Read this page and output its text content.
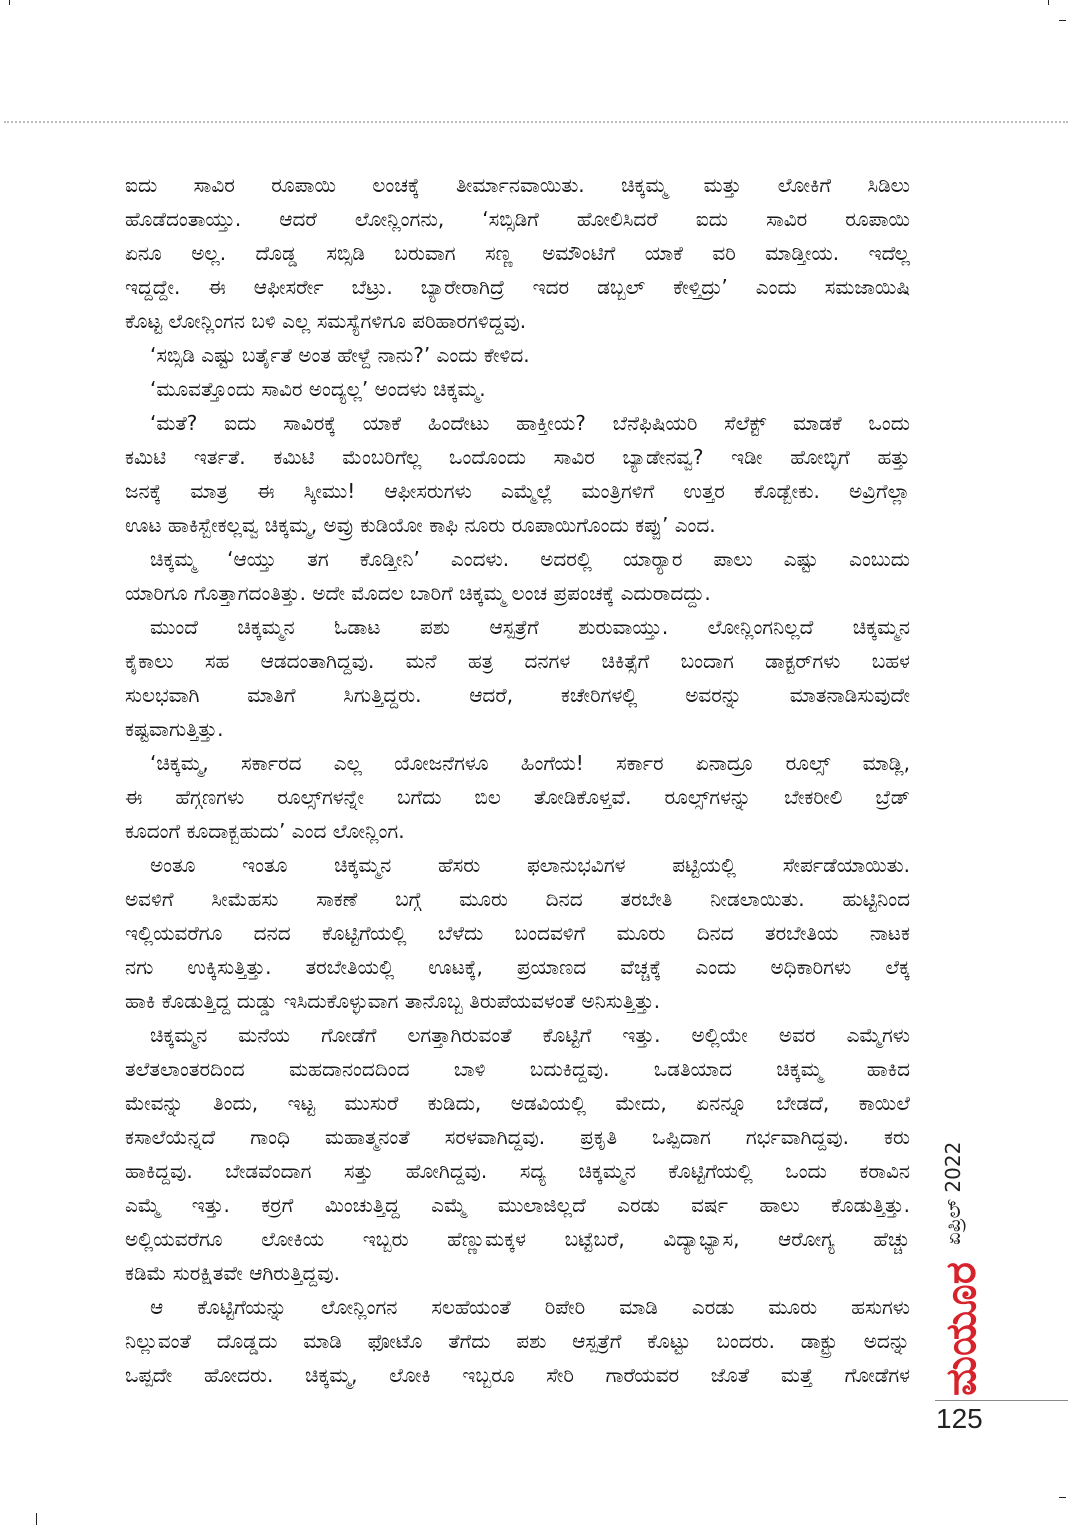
ಐದು ಸಾವಿರ ರೂಪಾಯಿ ಲಂಚಕ್ಕೆ ತೀರ್ಮಾನವಾಯಿತು. ಚಿಕ್ಕಮ್ಮ ಮತ್ತು ಲೋಕಿಗೆ ಸಿಡಿಲು
ಹೊಡೆದಂತಾಯ್ತು. ಆದರೆ ಲೋನ್ಲಿಂಗನು, ‘ಸಬ್ಸಿಡಿಗೆ ಹೋಲಿಸಿದರೆ ಐದು ಸಾವಿರ ರೂಪಾಯಿ
ಏನೂ ಅಲ್ಲ. ದೊಡ್ಡ ಸಬ್ಸಿಡಿ ಬರುವಾಗ ಸಣ್ಣ ಅಮೌಂಟಿಗೆ ಯಾಕೆ ವರಿ ಮಾಡ್ತೀಯ. ಇದೆಲ್ಲ
ಇದ್ದದ್ದೇ. ಈ ಆಫೀಸರ್ರೇ ಬೆಟ್ರು. ಬ್ಯಾರೇರಾಗಿದ್ರೆ ಇದರ ಡಬ್ಬಲ್ ಕೇಳ್ತಿದ್ರು’ ಎಂದು ಸಮಜಾಯಿಷಿ
ಕೊಟ್ಟ ಲೋನ್ಲಿಂಗನ ಬಳಿ ಎಲ್ಲ ಸಮಸ್ಯೆಗಳಿಗೂ ಪರಿಹಾರಗಳಿದ್ದವು.
‘ಸಬ್ಸಿಡಿ ಎಷ್ಟು ಬರ್ತೈತೆ ಅಂತ ಹೇಳ್ದೆ ನಾನು?’ ಎಂದು ಕೇಳಿದ.
‘ಮೂವತ್ತೊಂದು ಸಾವಿರ ಅಂದ್ಯಲ್ಲ’ ಅಂದಳು ಚಿಕ್ಕಮ್ಮ.
‘ಮತೆ? ಐದು ಸಾವಿರಕ್ಕೆ ಯಾಕೆ ಹಿಂದೇಟು ಹಾಕ್ತೀಯ? ಬೆನೆಫಿಷಿಯರಿ ಸೆಲೆಕ್ಟ್ ಮಾಡಕೆ ಒಂದು
ಕಮಿಟಿ ಇರ್ತತೆ. ಕಮಿಟಿ ಮೆಂಬರಿಗೆಲ್ಲ ಒಂದೊಂದು ಸಾವಿರ ಬ್ಯಾಡೇನವ್ವ? ಇಡೀ ಹೋಬ್ಳಿಗೆ ಹತ್ತು
ಜನಕ್ಕೆ ಮಾತ್ರ ಈ ಸ್ಕೀಮು! ಆಫೀಸರುಗಳು ಎಮ್ಮೆಲ್ಲೆ ಮಂತ್ರಿಗಳಿಗೆ ಉತ್ತರ ಕೊಡ್ಬೇಕು. ಅವ್ರಿಗೆಲ್ಲಾ
ಊಟ ಹಾಕಿಸ್ಬೇಕಲ್ಲವ್ವ ಚಿಕ್ಕಮ್ಮ, ಅವ್ರು ಕುಡಿಯೋ ಕಾಫಿ ನೂರು ರೂಪಾಯಿಗೊಂದು ಕಪ್ಪು’ ಎಂದ.
ಚಿಕ್ಕಮ್ಮ ‘ಆಯ್ತು ತಗ ಕೊಡ್ತೀನಿ’ ಎಂದಳು. ಅದರಲ್ಲಿ ಯಾರ್‍ಯಾರ ಪಾಲು ಎಷ್ಟು ಎಂಬುದು
ಯಾರಿಗೂ ಗೊತ್ತಾಗದಂತಿತ್ತು. ಅದೇ ಮೊದಲ ಬಾರಿಗೆ ಚಿಕ್ಕಮ್ಮ ಲಂಚ ಪ್ರಪಂಚಕ್ಕೆ ಎದುರಾದದ್ದು.
ಮುಂದೆ ಚಿಕ್ಕಮ್ಮನ ಓಡಾಟ ಪಶು ಆಸ್ಪತ್ರೆಗೆ ಶುರುವಾಯ್ತು. ಲೋನ್ಲಿಂಗನಿಲ್ಲದೆ ಚಿಕ್ಕಮ್ಮನ
ಕೈಕಾಲು ಸಹ ಆಡದಂತಾಗಿದ್ದವು. ಮನೆ ಹತ್ರ ದನಗಳ ಚಿಕಿತ್ಸೆಗೆ ಬಂದಾಗ ಡಾಕ್ಟರ್‌ಗಳು ಬಹಳ
ಸುಲಭವಾಗಿ ಮಾತಿಗೆ ಸಿಗುತ್ತಿದ್ದರು. ಆದರೆ, ಕಚೇರಿಗಳಲ್ಲಿ ಅವರನ್ನು ಮಾತನಾಡಿಸುವುದೇ
ಕಷ್ಟವಾಗುತ್ತಿತ್ತು.
‘ಚಿಕ್ಕಮ್ಮ, ಸರ್ಕಾರದ ಎಲ್ಲ ಯೋಜನೆಗಳೂ ಹಿಂಗೆಯ! ಸರ್ಕಾರ ಏನಾದ್ರೂ ರೂಲ್ಸ್ ಮಾಡ್ಲಿ,
ಈ ಹೆಗ್ಗಣಗಳು ರೂಲ್ಸ್‌ಗಳನ್ನೇ ಬಗೆದು ಬಿಲ ತೋಡಿಕೊಳ್ತವೆ. ರೂಲ್ಸ್‌ಗಳನ್ನು ಬೇಕರೀಲಿ ಬ್ರೆಡ್
ಕೂದಂಗೆ ಕೂದಾಕ್ಬಹುದು’ ಎಂದ ಲೋನ್ಲಿಂಗ.
ಅಂತೂ ಇಂತೂ ಚಿಕ್ಕಮ್ಮನ ಹೆಸರು ಫಲಾನುಭವಿಗಳ ಪಟ್ಟಿಯಲ್ಲಿ ಸೇರ್ಪಡೆಯಾಯಿತು.
ಅವಳಿಗೆ ಸೀಮೆಹಸು ಸಾಕಣೆ ಬಗ್ಗೆ ಮೂರು ದಿನದ ತರಬೇತಿ ನೀಡಲಾಯಿತು. ಹುಟ್ಟಿನಿಂದ
ಇಲ್ಲಿಯವರೆಗೂ ದನದ ಕೊಟ್ಟಿಗೆಯಲ್ಲಿ ಬೆಳೆದು ಬಂದವಳಿಗೆ ಮೂರು ದಿನದ ತರಬೇತಿಯ ನಾಟಕ
ನಗು ಉಕ್ಕಿಸುತ್ತಿತ್ತು. ತರಬೇತಿಯಲ್ಲಿ ಊಟಕ್ಕೆ, ಪ್ರಯಾಣದ ವೆಚ್ಚಕ್ಕೆ ಎಂದು ಅಧಿಕಾರಿಗಳು ಲೆಕ್ಕ
ಹಾಕಿ ಕೊಡುತ್ತಿದ್ದ ದುಡ್ಡು ಇಸಿದುಕೊಳ್ಳುವಾಗ ತಾನೊಬ್ಬ ತಿರುಪೆಯವಳಂತೆ ಅನಿಸುತ್ತಿತ್ತು.
ಚಿಕ್ಕಮ್ಮನ ಮನೆಯ ಗೋಡೆಗೆ ಲಗತ್ತಾಗಿರುವಂತೆ ಕೊಟ್ಟಿಗೆ ಇತ್ತು. ಅಲ್ಲಿಯೇ ಅವರ ಎಮ್ಮೆಗಳು
ತಲೆತಲಾಂತರದಿಂದ ಮಹದಾನಂದದಿಂದ ಬಾಳಿ ಬದುಕಿದ್ದವು. ಒಡತಿಯಾದ ಚಿಕ್ಕಮ್ಮ ಹಾಕಿದ
ಮೇವನ್ನು ತಿಂದು, ಇಟ್ಟ ಮುಸುರೆ ಕುಡಿದು, ಅಡವಿಯಲ್ಲಿ ಮೇದು, ಏನನ್ನೂ ಬೇಡದೆ, ಕಾಯಿಲೆ
ಕಸಾಲೆಯೆನ್ನದೆ ಗಾಂಧಿ ಮಹಾತ್ಮನಂತೆ ಸರಳವಾಗಿದ್ದವು. ಪ್ರಕೃತಿ ಒಪ್ಪಿದಾಗ ಗರ್ಭವಾಗಿದ್ದವು. ಕರು
ಹಾಕಿದ್ದವು. ಬೇಡವೆಂದಾಗ ಸತ್ತು ಹೋಗಿದ್ದವು. ಸದ್ಯ ಚಿಕ್ಕಮ್ಮನ ಕೊಟ್ಟಿಗೆಯಲ್ಲಿ ಒಂದು ಕರಾವಿನ
ಎಮ್ಮೆ ಇತ್ತು. ಕರ್‍ರಗೆ ಮಿಂಚುತ್ತಿದ್ದ ಎಮ್ಮೆ ಮುಲಾಜಿಲ್ಲದೆ ಎರಡು ವರ್ಷ ಹಾಲು ಕೊಡುತ್ತಿತ್ತು.
ಅಲ್ಲಿಯವರೆಗೂ ಲೋಕಿಯ ಇಬ್ಬರು ಹೆಣ್ಣುಮಕ್ಕಳ ಬಟ್ಟೆಬರೆ, ವಿದ್ಯಾಭ್ಯಾಸ, ಆರೋಗ್ಯ ಹೆಚ್ಚು
ಕಡಿಮೆ ಸುರಕ್ಷಿತವೇ ಆಗಿರುತ್ತಿದ್ದವು.
ಆ ಕೊಟ್ಟಿಗೆಯನ್ನು ಲೋನ್ಲಿಂಗನ ಸಲಹೆಯಂತೆ ರಿಪೇರಿ ಮಾಡಿ ಎರಡು ಮೂರು ಹಸುಗಳು
ನಿಲ್ಲುವಂತೆ ದೊಡ್ಡದು ಮಾಡಿ ಫೋಟೊ ತೆಗೆದು ಪಶು ಆಸ್ಪತ್ರೆಗೆ ಕೊಟ್ಟು ಬಂದರು. ಡಾಕ್ಟ್ರು ಅದನ್ನು
ಒಪ್ಪದೇ ಹೋದರು. ಚಿಕ್ಕಮ್ಮ, ಲೋಕಿ ಇಬ್ಬರೂ ಸೇರಿ ಗಾರೆಯವರ ಜೊತೆ ಮತ್ತೆ ಗೋಡೆಗಳ
ಏಪ್ರಿಲ್ 2022
ಮಯೂರ
125
